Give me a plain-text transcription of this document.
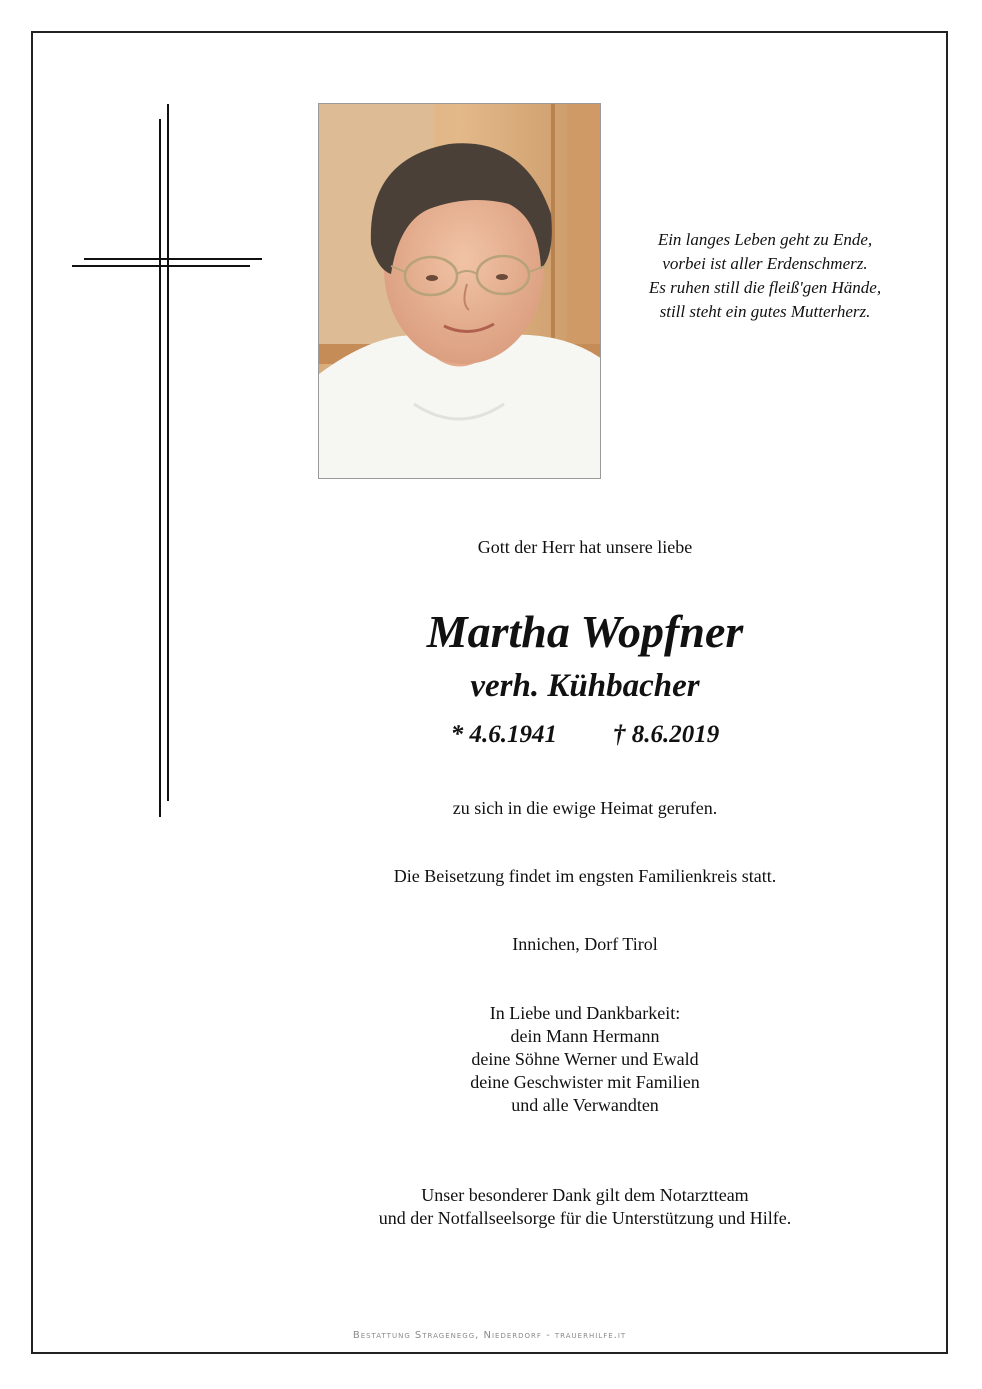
Ein langes Leben geht zu Ende,
vorbei ist aller Erdenschmerz.
Es ruhen still die fleiß'gen Hände,
still steht ein gutes Mutterherz.
Gott der Herr hat unsere liebe
Martha Wopfner
verh. Kühbacher
* 4.6.1941 † 8.6.2019
zu sich in die ewige Heimat gerufen.
Die Beisetzung findet im engsten Familienkreis statt.
Innichen, Dorf Tirol
In Liebe und Dankbarkeit:
dein Mann Hermann
deine Söhne Werner und Ewald
deine Geschwister mit Familien
und alle Verwandten
Unser besonderer Dank gilt dem Notarztteam
und der Notfallseelsorge für die Unterstützung und Hilfe.
Bestattung Stragenegg, Niederdorf - trauerhilfe.it
